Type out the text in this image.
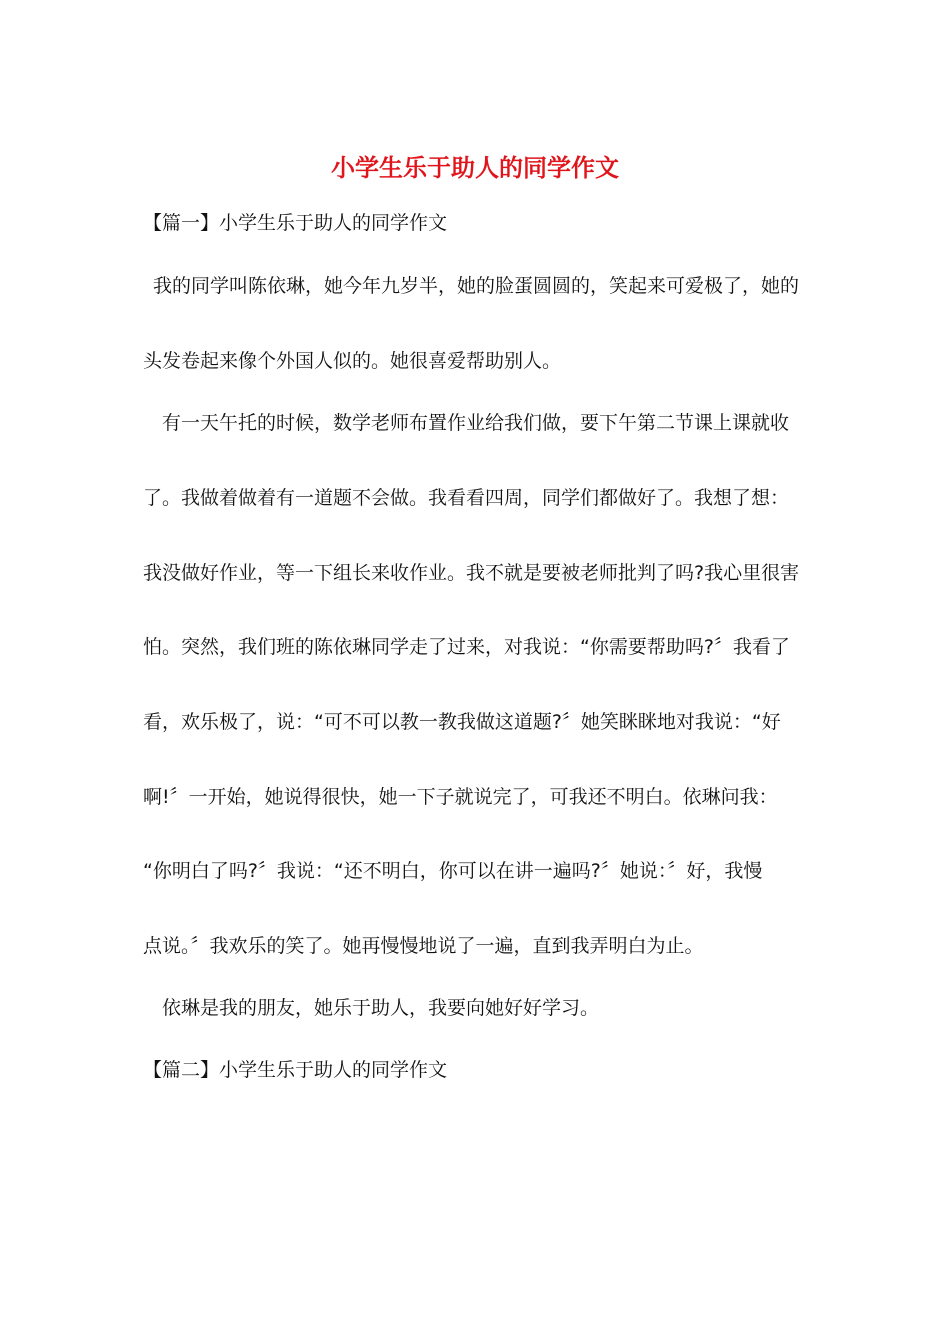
小学生乐于助人的同学作文
【篇一】小学生乐于助人的同学作文
我的同学叫陈依琳，她今年九岁半，她的脸蛋圆圆的，笑起来可爱极了，她的
头发卷起来像个外国人似的。她很喜爱帮助别人。
有一天午托的时候，数学老师布置作业给我们做，要下午第二节课上课就收
了。我做着做着有一道题不会做。我看看四周，同学们都做好了。我想了想：
我没做好作业，等一下组长来收作业。我不就是要被老师批判了吗?我心里很害
怕。突然，我们班的陈依琳同学走了过来，对我说：“你需要帮助吗?〞我看了
看，欢乐极了，说：“可不可以教一教我做这道题?〞她笑眯眯地对我说：“好
啊!〞一开始，她说得很快，她一下子就说完了，可我还不明白。依琳问我：
“你明白了吗?〞我说：“还不明白，你可以在讲一遍吗?〞她说：〞好，我慢
点说。〞我欢乐的笑了。她再慢慢地说了一遍，直到我弄明白为止。
依琳是我的朋友，她乐于助人，我要向她好好学习。
【篇二】小学生乐于助人的同学作文
